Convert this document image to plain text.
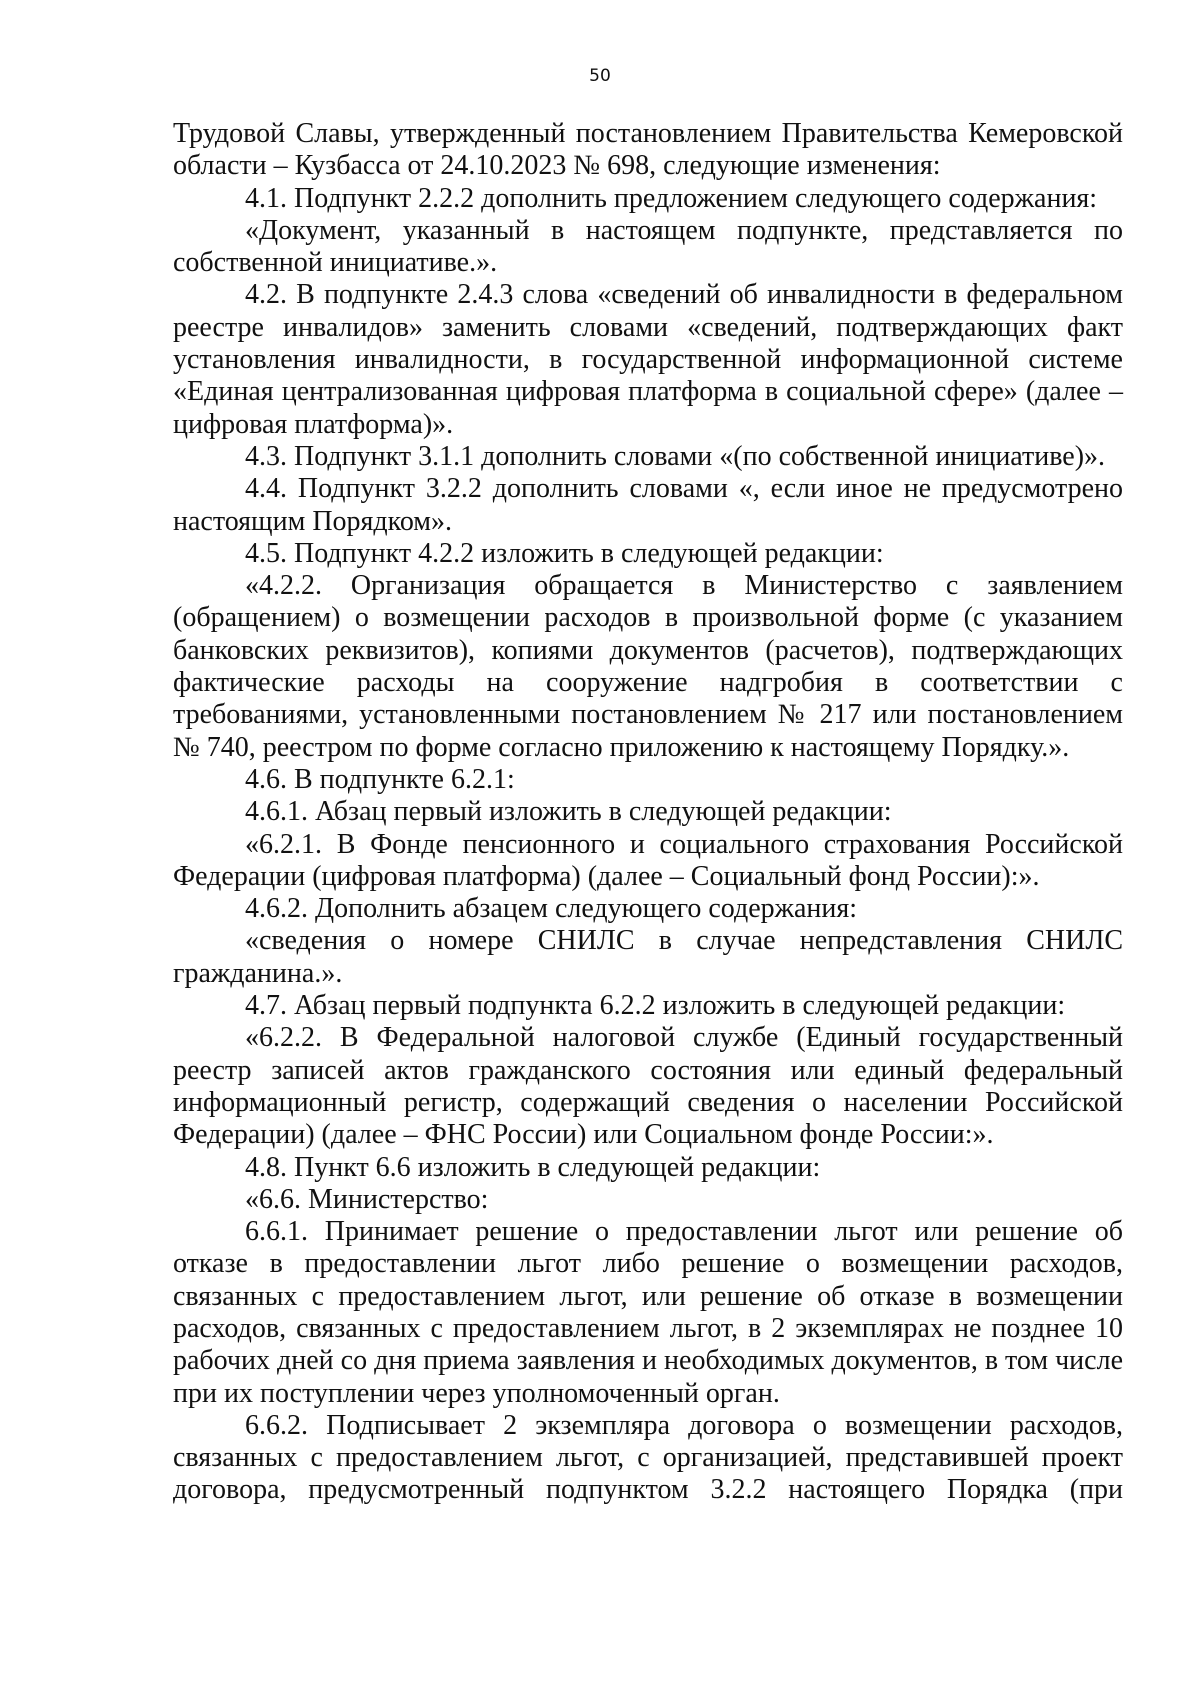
50

Трудовой Славы, утвержденный постановлением Правительства Кемеровской области – Кузбасса от 24.10.2023 № 698, следующие изменения:

4.1. Подпункт 2.2.2 дополнить предложением следующего содержания:

«Документ, указанный в настоящем подпункте, представляется по собственной инициативе.».

4.2. В подпункте 2.4.3 слова «сведений об инвалидности в федеральном реестре инвалидов» заменить словами «сведений, подтверждающих факт установления инвалидности, в государственной информационной системе «Единая централизованная цифровая платформа в социальной сфере» (далее – цифровая платформа)».

4.3. Подпункт 3.1.1 дополнить словами «(по собственной инициативе)».

4.4. Подпункт 3.2.2 дополнить словами «, если иное не предусмотрено настоящим Порядком».

4.5. Подпункт 4.2.2 изложить в следующей редакции:

«4.2.2. Организация обращается в Министерство с заявлением (обращением) о возмещении расходов в произвольной форме (с указанием банковских реквизитов), копиями документов (расчетов), подтверждающих фактические расходы на сооружение надгробия в соответствии с требованиями, установленными постановлением № 217 или постановлением № 740, реестром по форме согласно приложению к настоящему Порядку.».

4.6. В подпункте 6.2.1:

4.6.1. Абзац первый изложить в следующей редакции:

«6.2.1. В Фонде пенсионного и социального страхования Российской Федерации (цифровая платформа) (далее – Социальный фонд России):».

4.6.2. Дополнить абзацем следующего содержания:

«сведения о номере СНИЛС в случае непредставления СНИЛС гражданина.».

4.7. Абзац первый подпункта 6.2.2 изложить в следующей редакции:

«6.2.2. В Федеральной налоговой службе (Единый государственный реестр записей актов гражданского состояния или единый федеральный информационный регистр, содержащий сведения о населении Российской Федерации) (далее – ФНС России) или Социальном фонде России:».

4.8. Пункт 6.6 изложить в следующей редакции:

«6.6. Министерство:

6.6.1. Принимает решение о предоставлении льгот или решение об отказе в предоставлении льгот либо решение о возмещении расходов, связанных с предоставлением льгот, или решение об отказе в возмещении расходов, связанных с предоставлением льгот, в 2 экземплярах не позднее 10 рабочих дней со дня приема заявления и необходимых документов, в том числе при их поступлении через уполномоченный орган.

6.6.2. Подписывает 2 экземпляра договора о возмещении расходов, связанных с предоставлением льгот, с организацией, представившей проект договора, предусмотренный подпунктом 3.2.2 настоящего Порядка (при
